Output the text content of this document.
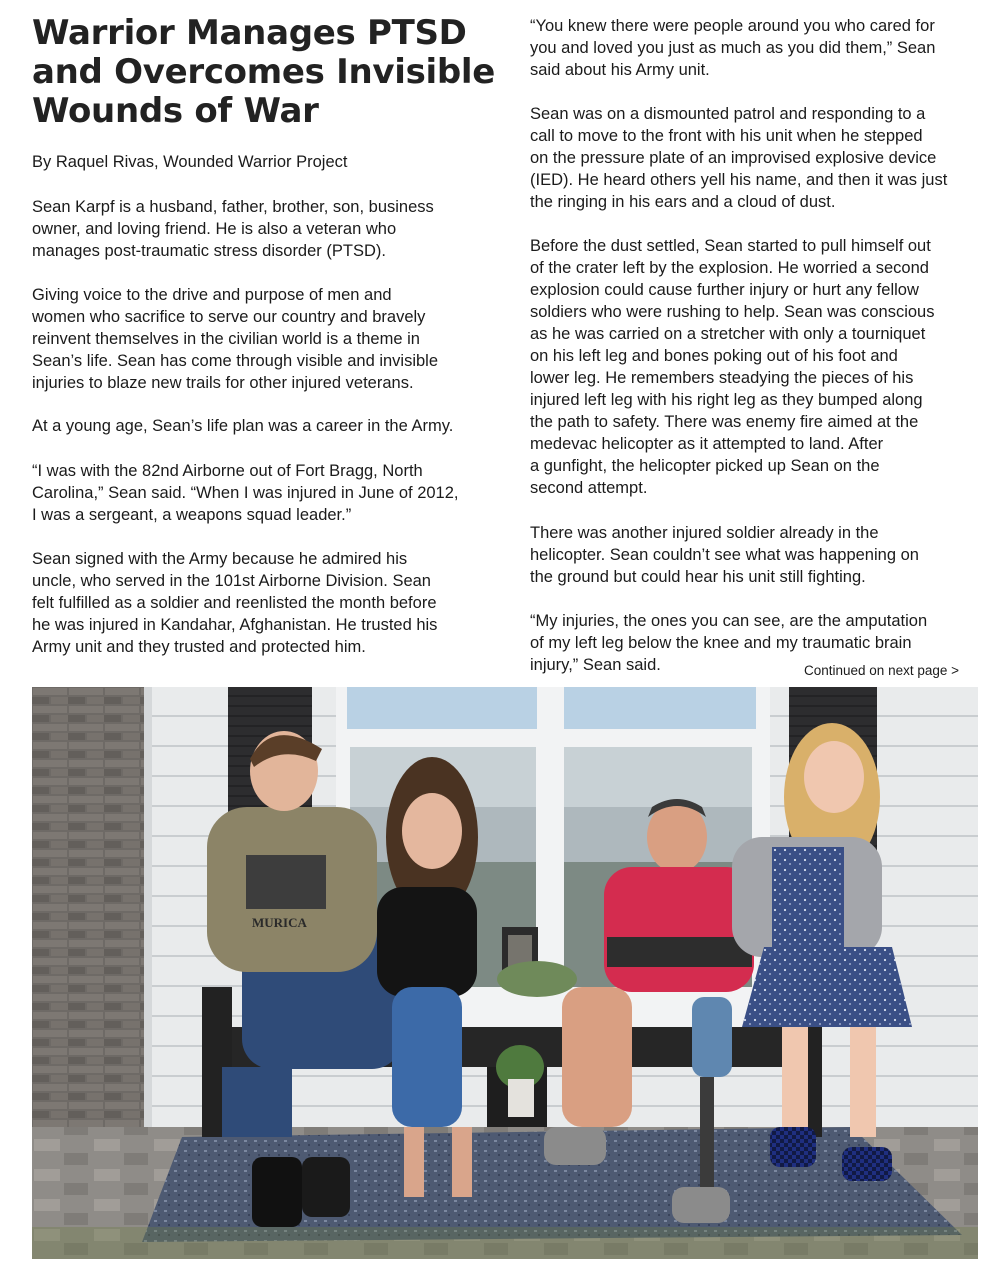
Warrior Manages PTSD
and Overcomes Invisible
Wounds of War
By Raquel Rivas, Wounded Warrior Project
Sean Karpf is a husband, father, brother, son, business
owner, and loving friend. He is also a veteran who
manages post-traumatic stress disorder (PTSD).
Giving voice to the drive and purpose of men and
women who sacrifice to serve our country and bravely
reinvent themselves in the civilian world is a theme in
Sean’s life. Sean has come through visible and invisible
injuries to blaze new trails for other injured veterans.
At a young age, Sean’s life plan was a career in the Army.
“I was with the 82nd Airborne out of Fort Bragg, North
Carolina,” Sean said. “When I was injured in June of 2012,
I was a sergeant, a weapons squad leader.”
Sean signed with the Army because he admired his
uncle, who served in the 101st Airborne Division. Sean
felt fulfilled as a soldier and reenlisted the month before
he was injured in Kandahar, Afghanistan. He trusted his
Army unit and they trusted and protected him.
“You knew there were people around you who cared for
you and loved you just as much as you did them,” Sean
said about his Army unit.
Sean was on a dismounted patrol and responding to a
call to move to the front with his unit when he stepped
on the pressure plate of an improvised explosive device
(IED). He heard others yell his name, and then it was just
the ringing in his ears and a cloud of dust.
Before the dust settled, Sean started to pull himself out
of the crater left by the explosion. He worried a second
explosion could cause further injury or hurt any fellow
soldiers who were rushing to help. Sean was conscious
as he was carried on a stretcher with only a tourniquet
on his left leg and bones poking out of his foot and
lower leg. He remembers steadying the pieces of his
injured left leg with his right leg as they bumped along
the path to safety. There was enemy fire aimed at the
medevac helicopter as it attempted to land. After
a gunfight, the helicopter picked up Sean on the
second attempt.
There was another injured soldier already in the
helicopter. Sean couldn’t see what was happening on
the ground but could hear his unit still fighting.
“My injuries, the ones you can see, are the amputation
of my left leg below the knee and my traumatic brain
injury,” Sean said.	Continued on next page >
MURICA
